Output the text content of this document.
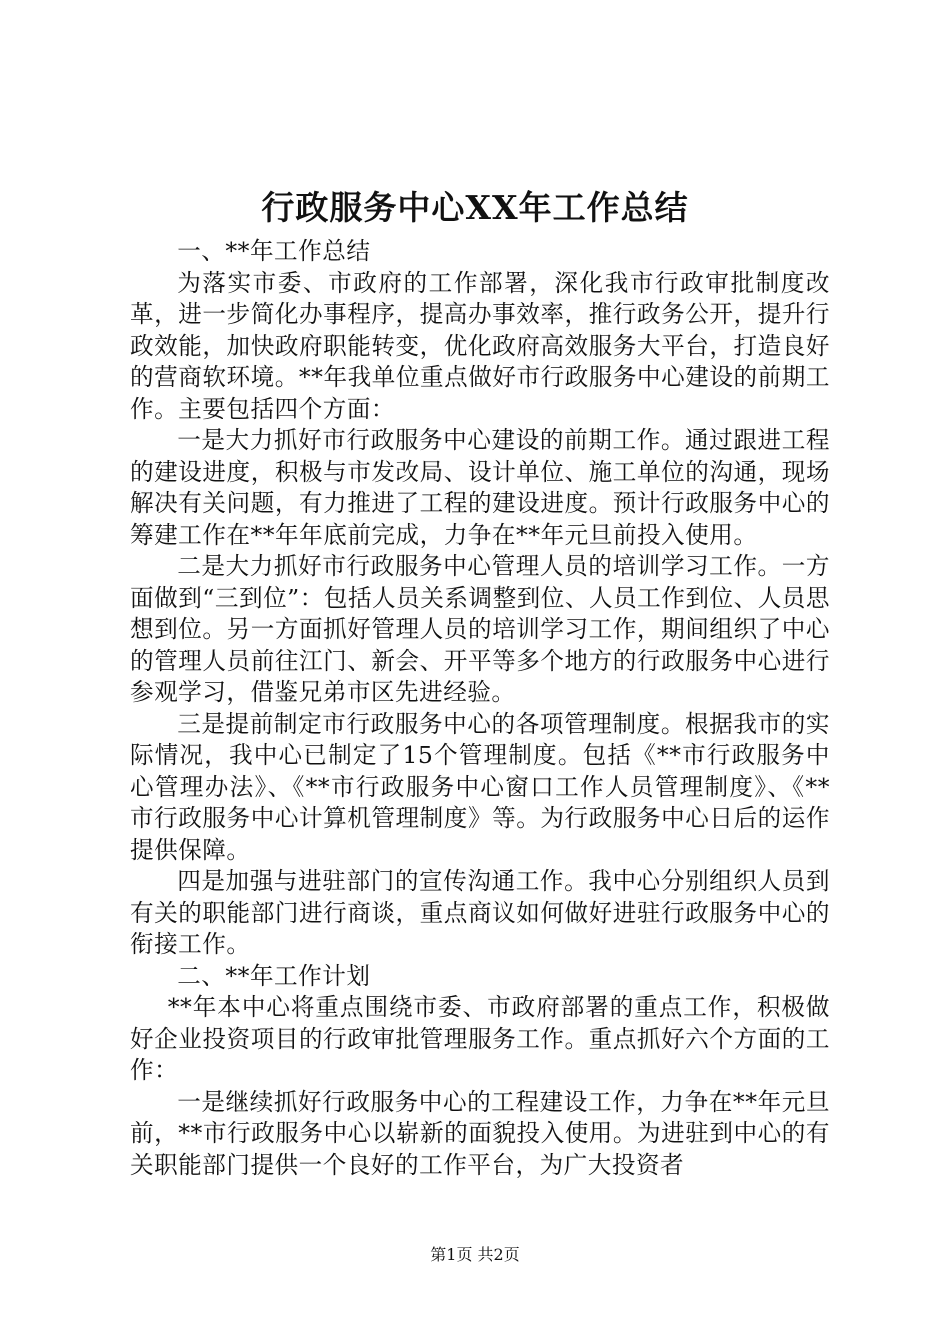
行政服务中心XX年工作总结

一、**年工作总结

为落实市委、市政府的工作部署，深化我市行政审批制度改革，进一步简化办事程序，提高办事效率，推行政务公开，提升行政效能，加快政府职能转变，优化政府高效服务大平台，打造良好的营商软环境。**年我单位重点做好市行政服务中心建设的前期工作。主要包括四个方面：

一是大力抓好市行政服务中心建设的前期工作。通过跟进工程的建设进度，积极与市发改局、设计单位、施工单位的沟通，现场解决有关问题，有力推进了工程的建设进度。预计行政服务中心的筹建工作在**年年底前完成，力争在**年元旦前投入使用。

二是大力抓好市行政服务中心管理人员的培训学习工作。一方面做到“三到位”：包括人员关系调整到位、人员工作到位、人员思想到位。另一方面抓好管理人员的培训学习工作，期间组织了中心的管理人员前往江门、新会、开平等多个地方的行政服务中心进行参观学习，借鉴兄弟市区先进经验。

三是提前制定市行政服务中心的各项管理制度。根据我市的实际情况，我中心已制定了15个管理制度。包括《**市行政服务中心管理办法》、《**市行政服务中心窗口工作人员管理制度》、《**市行政服务中心计算机管理制度》等。为行政服务中心日后的运作提供保障。

四是加强与进驻部门的宣传沟通工作。我中心分别组织人员到有关的职能部门进行商谈，重点商议如何做好进驻行政服务中心的衔接工作。

二、**年工作计划

**年本中心将重点围绕市委、市政府部署的重点工作，积极做好企业投资项目的行政审批管理服务工作。重点抓好六个方面的工作：

一是继续抓好行政服务中心的工程建设工作，力争在**年元旦前，**市行政服务中心以崭新的面貌投入使用。为进驻到中心的有关职能部门提供一个良好的工作平台，为广大投资者

第1页 共2页
